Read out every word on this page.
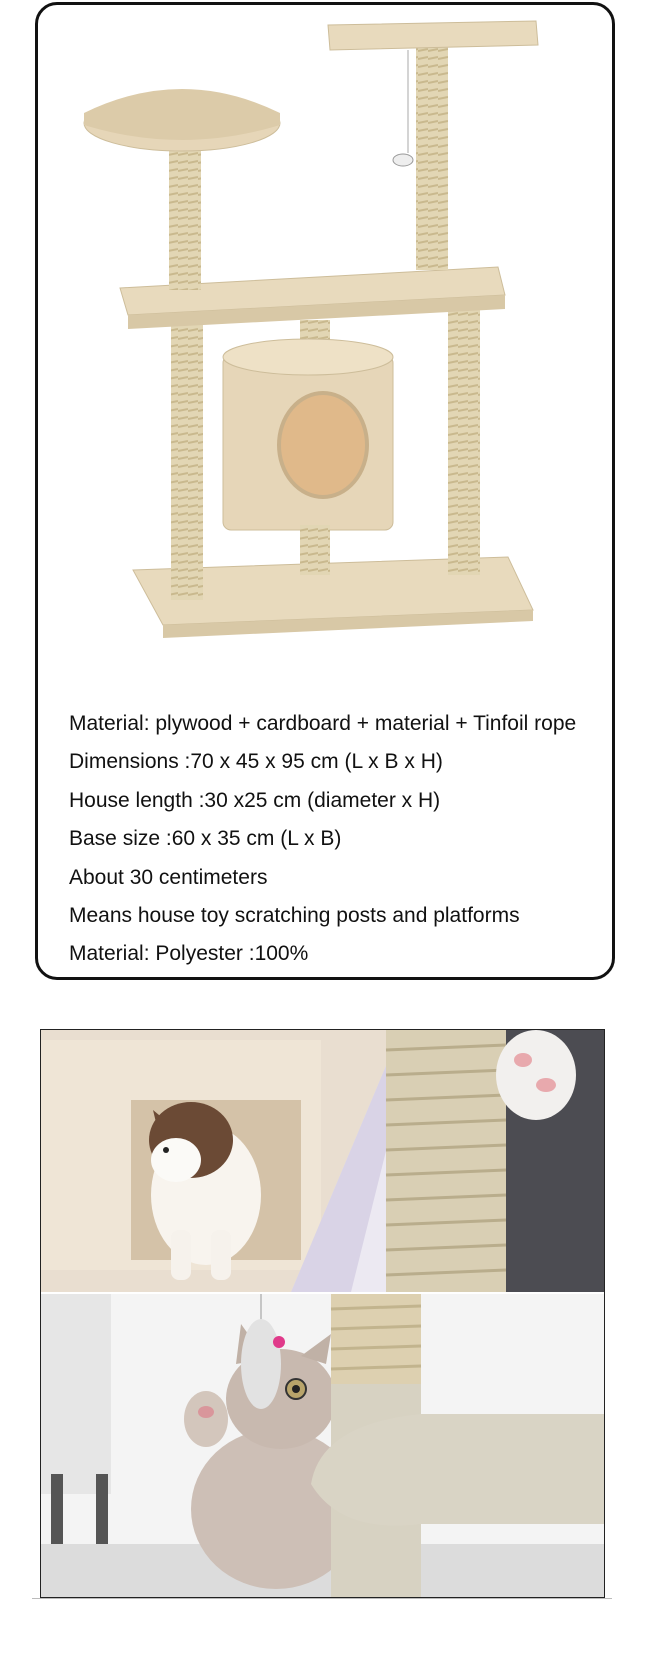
Material: plywood + cardboard + material + Tinfoil rope
Dimensions :70 x 45 x 95 cm (L x B x H)
House length :30 x25 cm (diameter x H)
Base size :60 x 35 cm (L x B)
About 30 centimeters
Means house toy scratching posts and platforms
Material: Polyester :100%
